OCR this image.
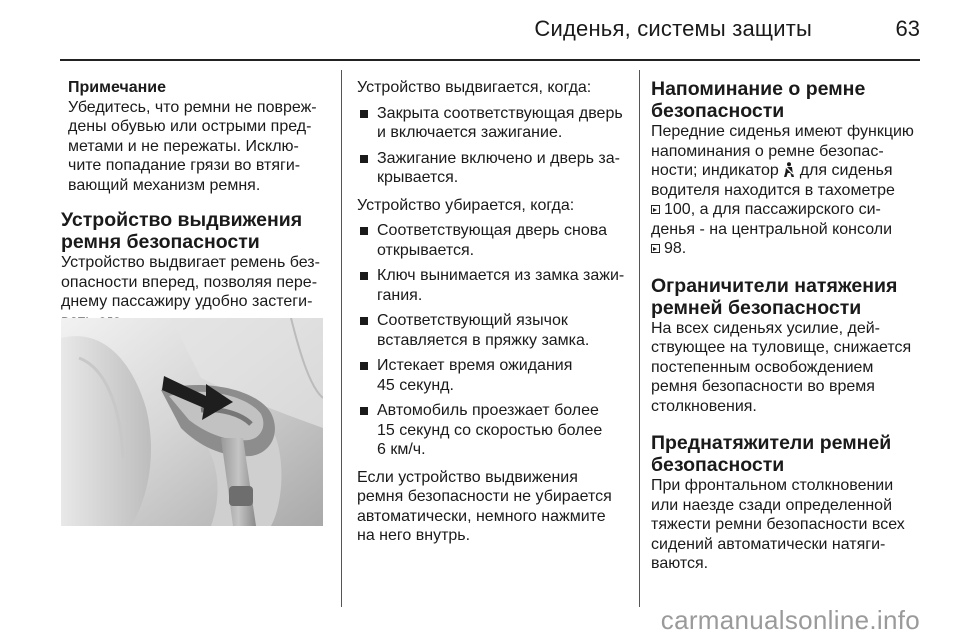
Сиденья, системы защиты	63

Примечание

Убедитесь, что ремни не повреж-

дены обувью или острыми пред-

метами и не пережаты. Исклю-

чите попадание грязи во втяги-

вающий механизм ремня.

Устройство выдвижения
ремня безопасности

Устройство выдвигает ремень без-

опасности вперед, позволяя пере-

днему пассажиру удобно застеги-

Устройство выдвигается, когда:

Закрыта соответствующая дверь
и включается зажигание.
Зажигание включено и дверь за-
крывается.

Устройство убирается, когда:

Соответствующая дверь снова
открывается.
Ключ вынимается из замка зажи-
гания.
Соответствующий язычок
вставляется в пряжку замка.
Истекает время ожидания
45 секунд.
Автомобиль проезжает более
15 секунд со скоростью более
6 км/ч.

Если устройство выдвижения

ремня безопасности не убирается

автоматически, немного нажмите

на него внутрь.

Напоминание о ремне
безопасности

Передние сиденья имеют функцию

напоминания о ремне безопас-

ности; индикатор для сиденья

водителя находится в тахометре

100, а для пассажирского си-

денья - на центральной консоли

98.

Ограничители натяжения
ремней безопасности

На всех сиденьях усилие, дей-

ствующее на туловище, снижается

постепенным освобождением

ремня безопасности во время

столкновения.

Преднатяжители ремней
безопасности

При фронтальном столкновении

или наезде сзади определенной

тяжести ремни безопасности всех

сидений автоматически натяги-

ваются.

carmanualsonline.info
